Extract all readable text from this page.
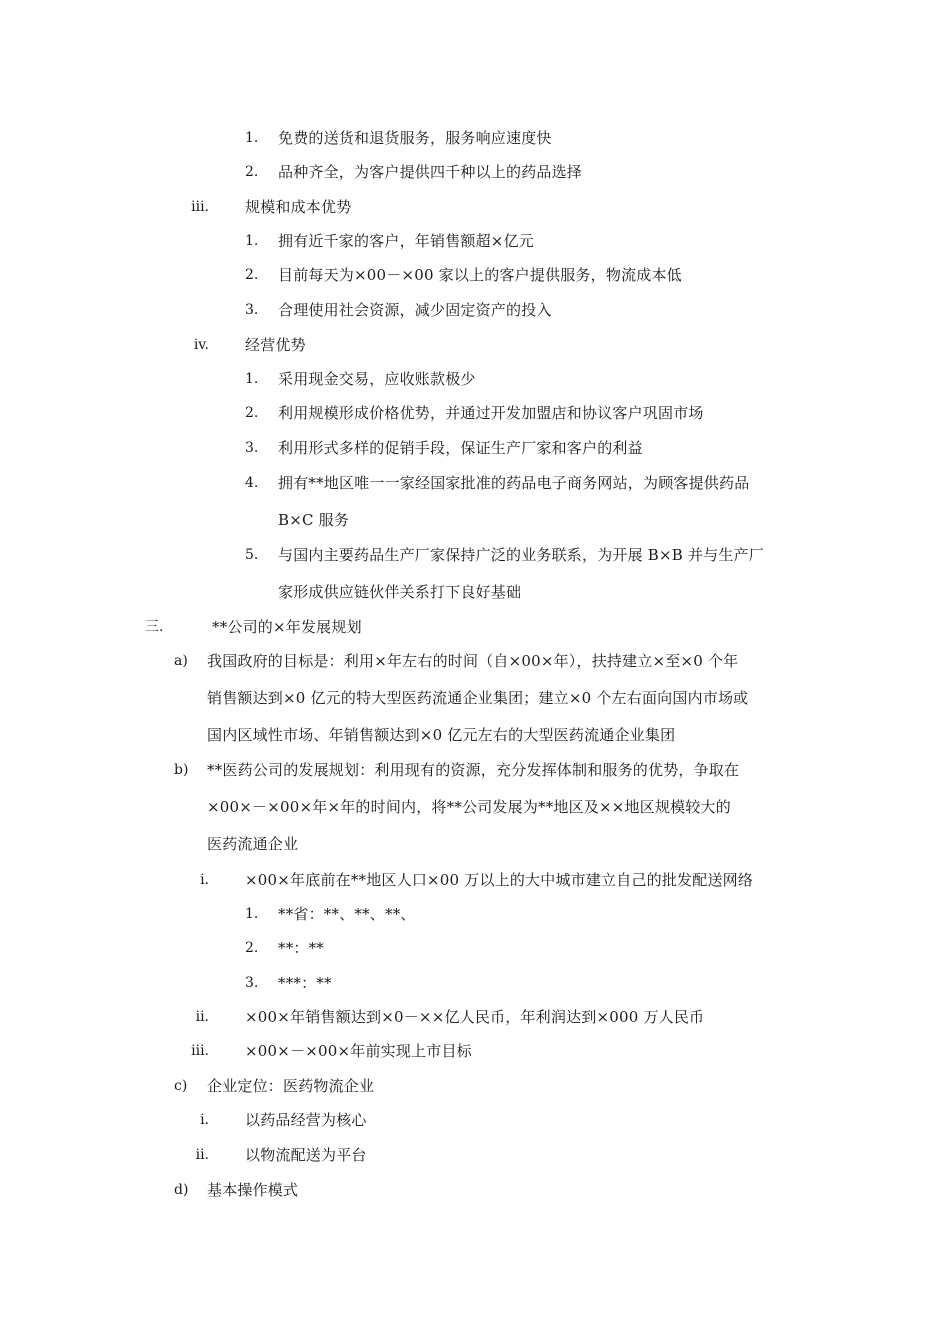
1. 免费的送货和退货服务，服务响应速度快
2. 品种齐全，为客户提供四千种以上的药品选择
iii. 规模和成本优势
1. 拥有近千家的客户，年销售额超×亿元
2. 目前每天为×00－×00 家以上的客户提供服务，物流成本低
3. 合理使用社会资源，减少固定资产的投入
iv. 经营优势
1. 采用现金交易，应收账款极少
2. 利用规模形成价格优势，并通过开发加盟店和协议客户巩固市场
3. 利用形式多样的促销手段，保证生产厂家和客户的利益
4. 拥有**地区唯一一家经国家批准的药品电子商务网站，为顾客提供药品
B×C 服务
5. 与国内主要药品生产厂家保持广泛的业务联系，为开展 B×B 并与生产厂
家形成供应链伙伴关系打下良好基础
三.	**公司的×年发展规划
a) 我国政府的目标是：利用×年左右的时间（自×00×年），扶持建立×至×0 个年
销售额达到×0 亿元的特大型医药流通企业集团；建立×0 个左右面向国内市场或
国内区域性市场、年销售额达到×0 亿元左右的大型医药流通企业集团
b) **医药公司的发展规划：利用现有的资源，充分发挥体制和服务的优势，争取在
×00×－×00×年×年的时间内，将**公司发展为**地区及××地区规模较大的
医药流通企业
i. ×00×年底前在**地区人口×00 万以上的大中城市建立自己的批发配送网络
1. **省：**、**、**、
2. **：**
3. ***：**
ii. ×00×年销售额达到×0－××亿人民币，年利润达到×000 万人民币
iii. ×00×－×00×年前实现上市目标
c) 企业定位：医药物流企业
i. 以药品经营为核心
ii. 以物流配送为平台
d) 基本操作模式
